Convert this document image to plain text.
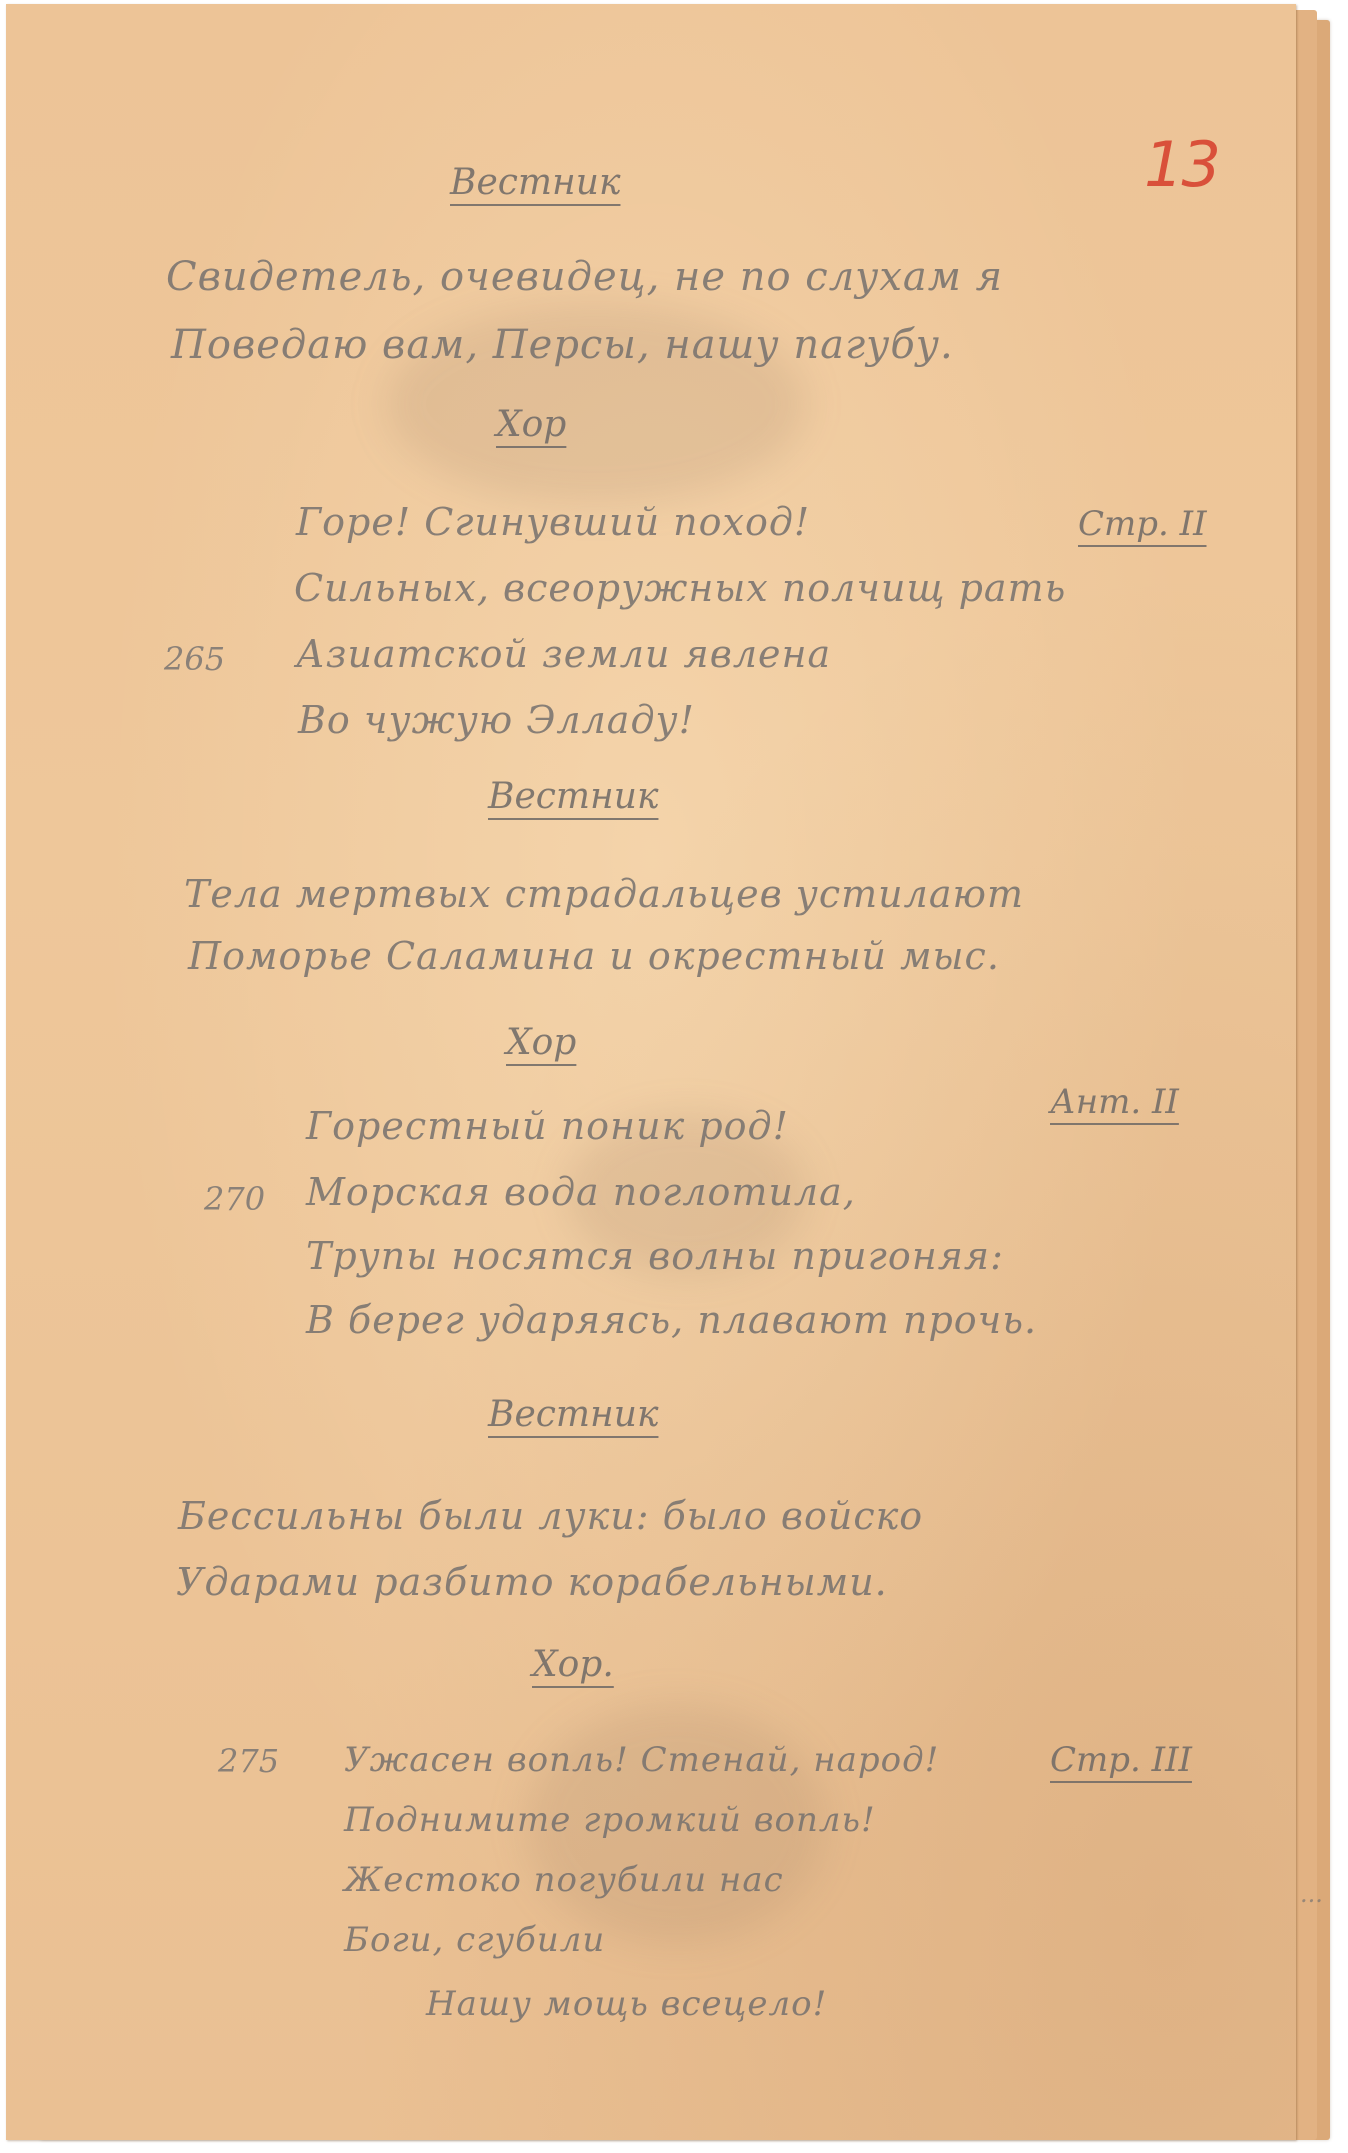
13
Вестник
Свидетель, очевидец, не по слухам я
Поведаю вам, Персы, нашу пагубу.
Хор
Стр. II
Горе! Сгинувший поход!
Сильных, всеоружных полчищ рать
265 Азиатской земли явлена
Во чужую Элладу!
Вестник
Тела мертвых страдальцев устилают
Поморье Саламина и окрестный мыс.
Хор
Ант. II
Горестный поник род!
270 Морская вода поглотила,
Трупы носятся волны пригоняя:
В берег ударяясь, плавают прочь.
Вестник
Бессильны были луки: было войско
Ударами разбито корабельными.
Хор.
Стр. III
275 Ужасен вопль! Стенай, народ!
Поднимите громкий вопль!
Жестоко погубили нас
Боги, сгубили
Нашу мощь всецело!
...
